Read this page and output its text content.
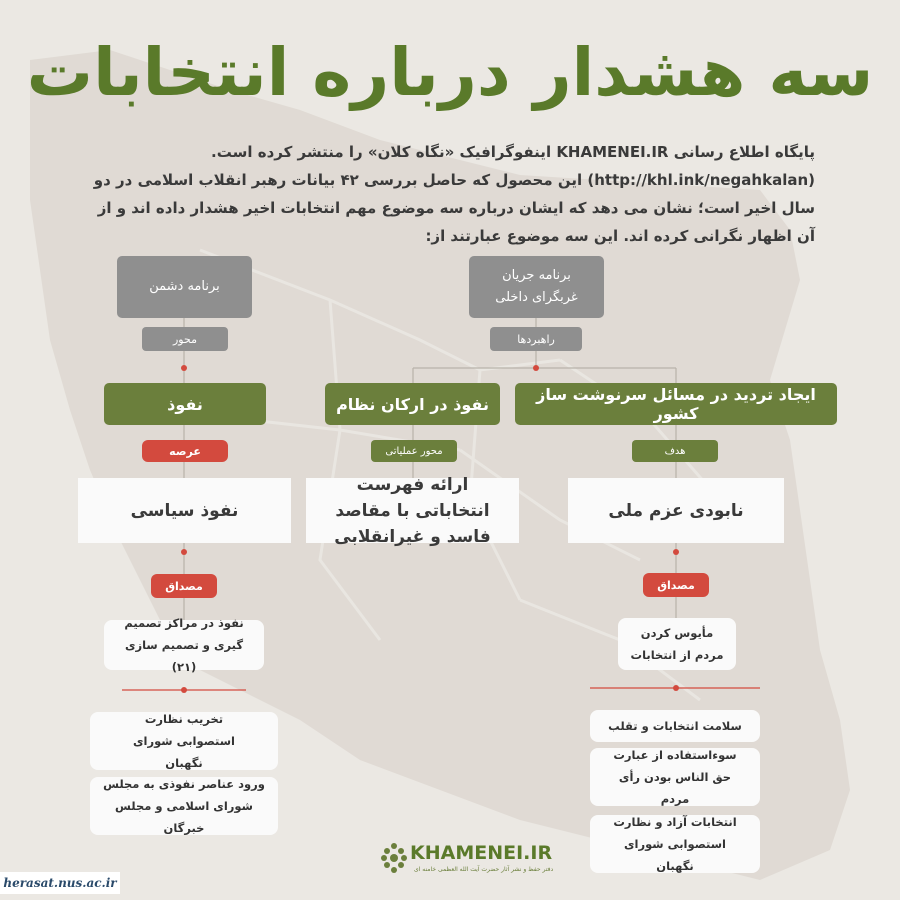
سه هشدار درباره انتخابات
پایگاه اطلاع رسانی KHAMENEI.IR اینفوگرافیک «نگاه کلان» را منتشر کرده است.(http://khl.ink/negahkalan) این محصول که حاصل بررسی ۴۲ بیانات رهبر انقلاب اسلامی در دو سال اخیر است؛ نشان می دهد که ایشان درباره سه موضوع مهم انتخابات اخیر هشدار داده اند و از آن اظهار نگرانی کرده اند. این سه موضوع عبارتند از:
برنامه دشمن
برنامه جریان غربگرای داخلی
محور	راهبردها
نفوذ	نفوذ در ارکان نظام	ایجاد تردید در مسائل سرنوشت ساز کشور
عرصه	محور عملیاتی	هدف
نفوذ سیاسی
ارائه فهرست انتخاباتی با مقاصد فاسد و غیرانقلابی
نابودی عزم ملی
مصداق	مصداق
نفوذ در مراکز تصمیم گیری و تصمیم سازی (۲۱)
تخریب نظارت استصوابی شورای نگهبان
ورود عناصر نفوذی به مجلس شورای اسلامی و مجلس خبرگان
مأیوس کردن مردم از انتخابات
سلامت انتخابات و تقلب
سوءاستفاده از عبارت حق الناس بودن رأی مردم
انتخابات آزاد و نظارت استصوابی شورای نگهبان
KHAMENEI.IR
دفتر حفظ و نشر آثار حضرت آیت الله العظمی خامنه ای
herasat.nus.ac.ir
